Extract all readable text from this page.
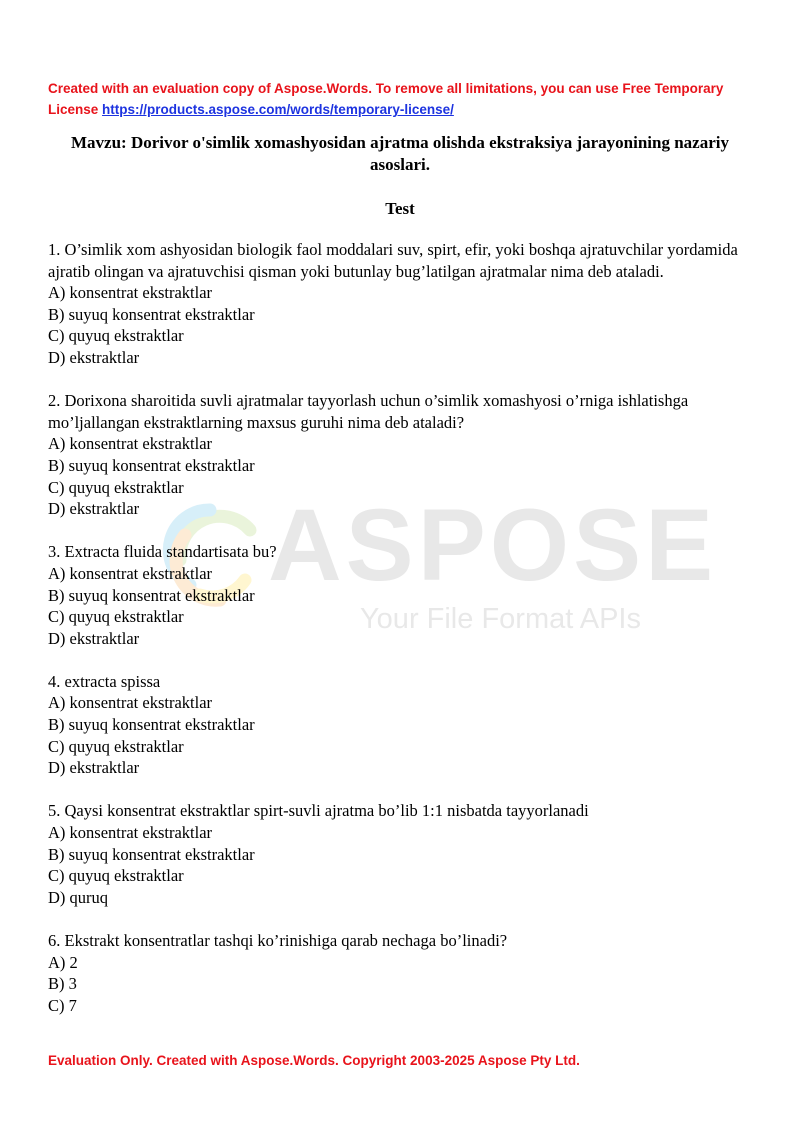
Created with an evaluation copy of Aspose.Words. To remove all limitations, you can use Free Temporary License https://products.aspose.com/words/temporary-license/
Mavzu: Dorivor o'simlik xomashyosidan ajratma olishda ekstraksiya jarayonining nazariy asoslari.
Test
ASPOSE
Your File Format APIs
1. O’simlik xom ashyosidan biologik faol moddalari suv, spirt, efir, yoki boshqa ajratuvchilar yordamida ajratib olingan va ajratuvchisi qisman yoki butunlay bug’latilgan ajratmalar nima deb ataladi.
A) konsentrat ekstraktlar
B) suyuq konsentrat ekstraktlar
C) quyuq ekstraktlar
D) ekstraktlar
2. Dorixona sharoitida suvli ajratmalar tayyorlash uchun o’simlik xomashyosi o’rniga ishlatishga mo’ljallangan ekstraktlarning maxsus guruhi nima deb ataladi?
A) konsentrat ekstraktlar
B) suyuq konsentrat ekstraktlar
C) quyuq ekstraktlar
D) ekstraktlar
3. Extracta fluida standartisata bu?
A) konsentrat ekstraktlar
B) suyuq konsentrat ekstraktlar
C) quyuq ekstraktlar
D) ekstraktlar
4. extracta spissa
A) konsentrat ekstraktlar
B) suyuq konsentrat ekstraktlar
C) quyuq ekstraktlar
D) ekstraktlar
5. Qaysi konsentrat ekstraktlar spirt-suvli ajratma bo’lib 1:1 nisbatda tayyorlanadi
A) konsentrat ekstraktlar
B) suyuq konsentrat ekstraktlar
C) quyuq ekstraktlar
D) quruq
6. Ekstrakt konsentratlar tashqi ko’rinishiga qarab nechaga bo’linadi?
A) 2
B) 3
C) 7
Evaluation Only. Created with Aspose.Words. Copyright 2003-2025 Aspose Pty Ltd.
